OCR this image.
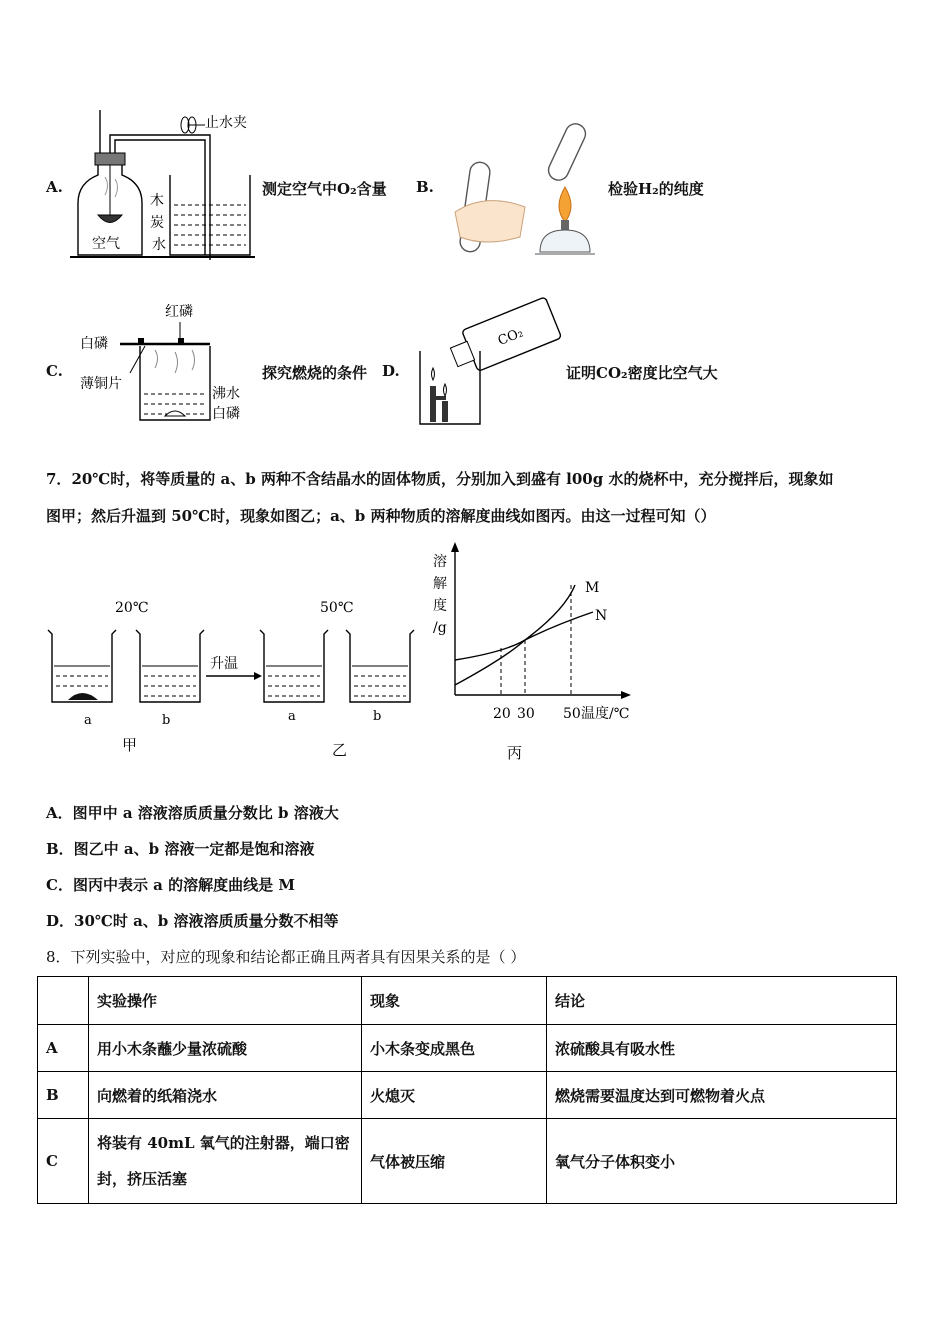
A.
止水夹
木
炭
空气 水
测定空气中O₂含量 B.	检验H₂的纯度
C.
红磷
白磷
薄铜片
沸水
白磷
探究燃烧的条件 D.
CO₂
证明CO₂密度比空气大
7．20℃时，将等质量的 a、b 两种不含结晶水的固体物质，分别加入到盛有 l00g 水的烧杯中，充分搅拌后，现象如
图甲；然后升温到 50℃时，现象如图乙；a、b 两种物质的溶解度曲线如图丙。由这一过程可知（）
20℃	50℃
升温
a	b	a	b
甲	乙
溶
解
度
/g
M
N
20 30 50 温度/℃
丙
A．图甲中 a 溶液溶质质量分数比 b 溶液大
B．图乙中 a、b 溶液一定都是饱和溶液
C．图丙中表示 a 的溶解度曲线是 M
D．30℃时 a、b 溶液溶质质量分数不相等
8．下列实验中，对应的现象和结论都正确且两者具有因果关系的是（ ）
	实验操作	现象	结论
A	用小木条蘸少量浓硫酸	小木条变成黑色	浓硫酸具有吸水性
B	向燃着的纸箱浇水	火熄灭	燃烧需要温度达到可燃物着火点
C	将装有 40mL 氧气的注射器，端口密封，挤压活塞	气体被压缩	氧气分子体积变小
